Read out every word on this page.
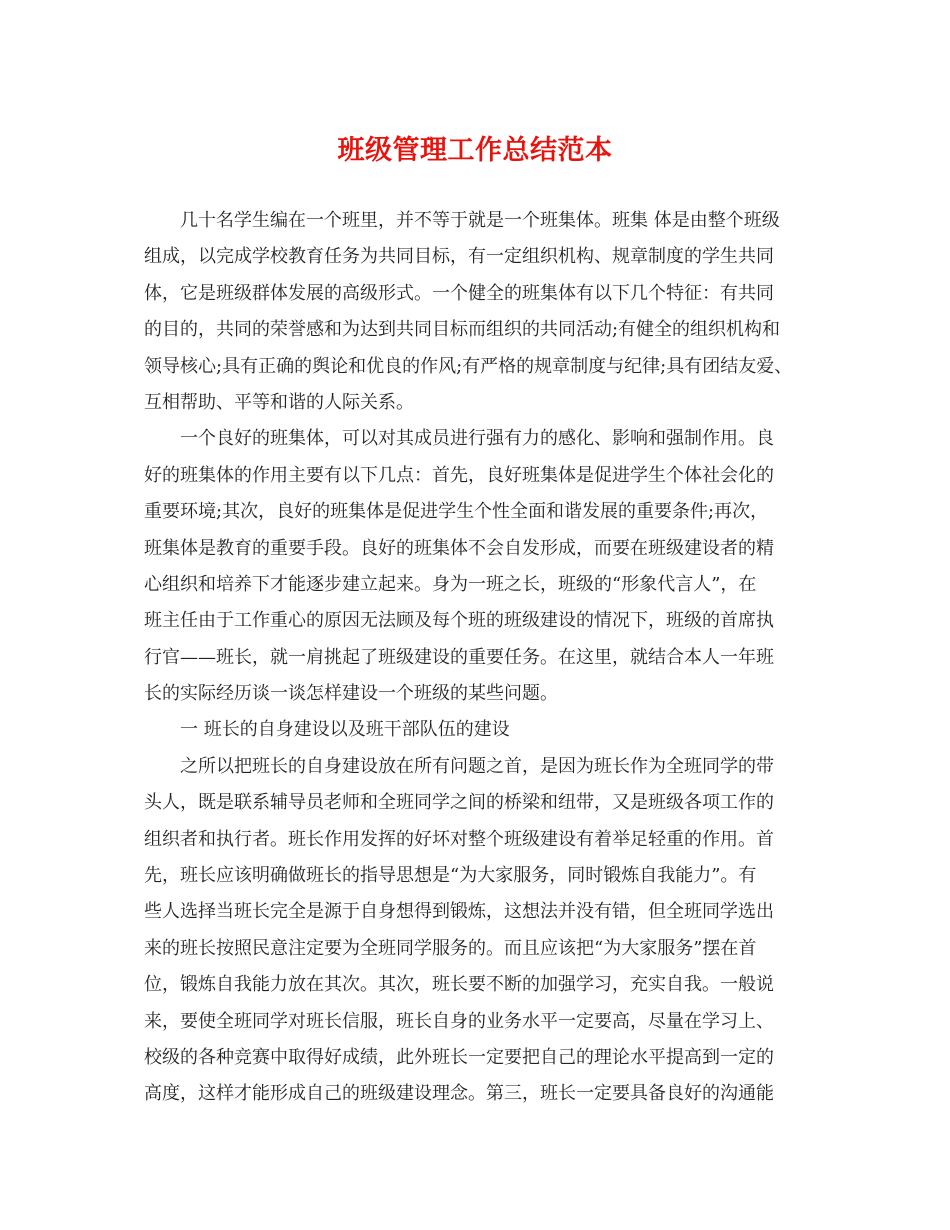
班级管理工作总结范本
　　几十名学生编在一个班里，并不等于就是一个班集体。班集 体是由整个班级
组成，以完成学校教育任务为共同目标，有一定组织机构、规章制度的学生共同
体，它是班级群体发展的高级形式。一个健全的班集体有以下几个特征：有共同
的目的，共同的荣誉感和为达到共同目标而组织的共同活动;有健全的组织机构和
领导核心;具有正确的舆论和优良的作风;有严格的规章制度与纪律;具有团结友爱、
互相帮助、平等和谐的人际关系。
　　一个良好的班集体，可以对其成员进行强有力的感化、影响和强制作用。良
好的班集体的作用主要有以下几点：首先，良好班集体是促进学生个体社会化的
重要环境;其次，良好的班集体是促进学生个性全面和谐发展的重要条件;再次，
班集体是教育的重要手段。良好的班集体不会自发形成，而要在班级建设者的精
心组织和培养下才能逐步建立起来。身为一班之长，班级的“形象代言人”，在
班主任由于工作重心的原因无法顾及每个班的班级建设的情况下，班级的首席执
行官——班长，就一肩挑起了班级建设的重要任务。在这里，就结合本人一年班
长的实际经历谈一谈怎样建设一个班级的某些问题。
　　一 班长的自身建设以及班干部队伍的建设
　　之所以把班长的自身建设放在所有问题之首，是因为班长作为全班同学的带
头人，既是联系辅导员老师和全班同学之间的桥梁和纽带，又是班级各项工作的
组织者和执行者。班长作用发挥的好坏对整个班级建设有着举足轻重的作用。首
先，班长应该明确做班长的指导思想是“为大家服务，同时锻炼自我能力”。有
些人选择当班长完全是源于自身想得到锻炼，这想法并没有错，但全班同学选出
来的班长按照民意注定要为全班同学服务的。而且应该把“为大家服务”摆在首
位，锻炼自我能力放在其次。其次，班长要不断的加强学习，充实自我。一般说
来，要使全班同学对班长信服，班长自身的业务水平一定要高，尽量在学习上、
校级的各种竞赛中取得好成绩，此外班长一定要把自己的理论水平提高到一定的
高度，这样才能形成自己的班级建设理念。第三，班长一定要具备良好的沟通能
